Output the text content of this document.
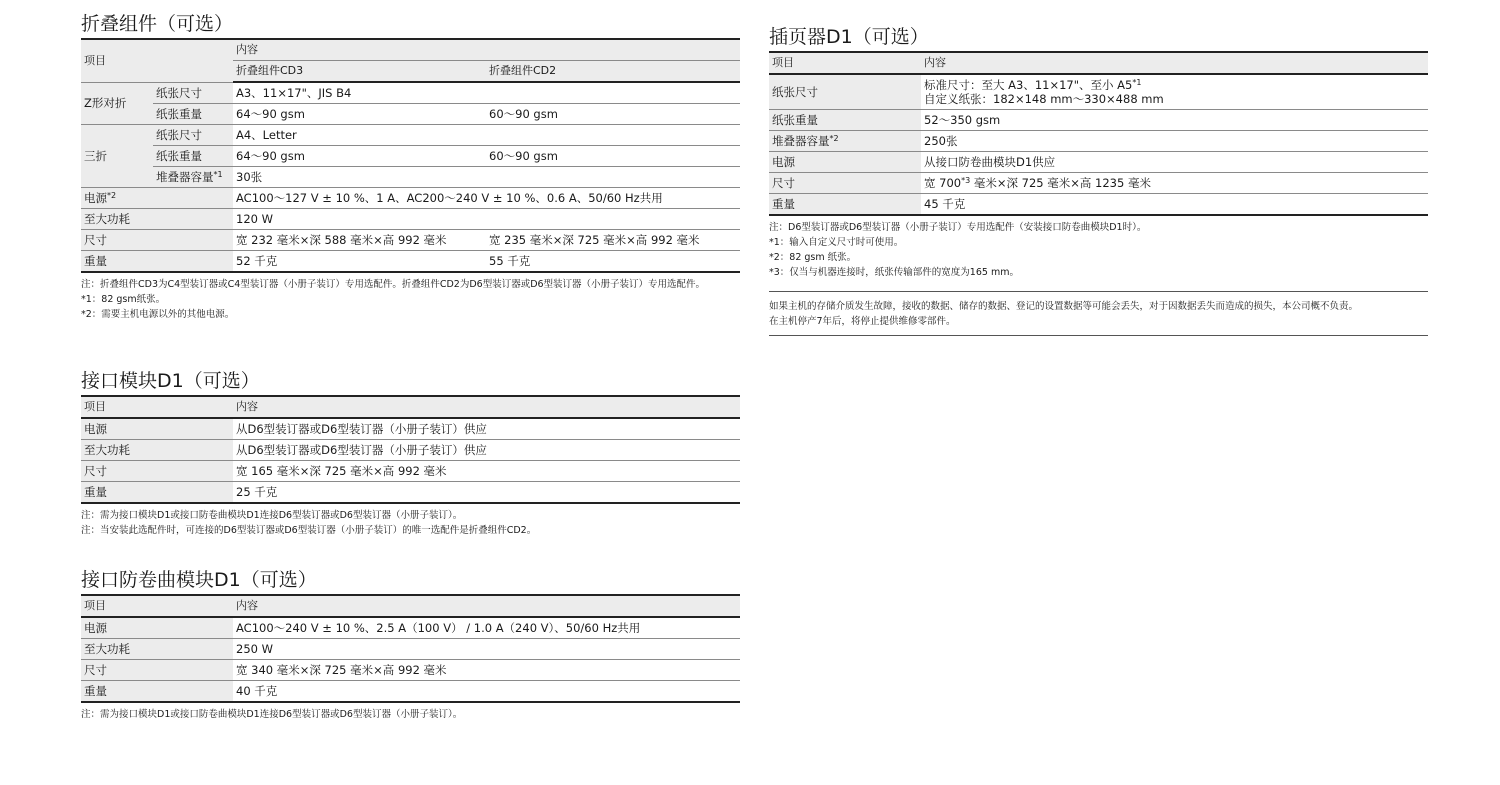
折叠组件（可选）
项目		内容	
		折叠组件CD3	折叠组件CD2
Z形对折	纸张尺寸	A3、11×17"、JIS B4	
	纸张重量	64～90 gsm	60～90 gsm
三折	纸张尺寸	A4、Letter	
	纸张重量	64～90 gsm	60～90 gsm
	堆叠器容量$^{*1}$	30张	
电源$^{*2}$		AC100～127 V ± 10 %、1 A、AC200～240 V ± 10 %、0.6 A、50/60 Hz共用	
至大功耗		120 W	
尺寸		宽 232 毫米×深 588 毫米×高 992 毫米	宽 235 毫米×深 725 毫米×高 992 毫米
重量		52 千克	55 千克
注：折叠组件CD3为C4型装订器或C4型装订器（小册子装订）专用选配件。折叠组件CD2为D6型装订器或D6型装订器（小册子装订）专用选配件。
*1：82 gsm纸张。
*2：需要主机电源以外的其他电源。
接口模块D1（可选）
项目	内容
电源	从D6型装订器或D6型装订器（小册子装订）供应
至大功耗	从D6型装订器或D6型装订器（小册子装订）供应
尺寸	宽 165 毫米×深 725 毫米×高 992 毫米
重量	25 千克
注：需为接口模块D1或接口防卷曲模块D1连接D6型装订器或D6型装订器（小册子装订）。
注：当安装此选配件时，可连接的D6型装订器或D6型装订器（小册子装订）的唯一选配件是折叠组件CD2。
接口防卷曲模块D1（可选）
项目	内容
电源	AC100～240 V ± 10 %、2.5 A（100 V） / 1.0 A（240 V）、50/60 Hz共用
至大功耗	250 W
尺寸	宽 340 毫米×深 725 毫米×高 992 毫米
重量	40 千克
注：需为接口模块D1或接口防卷曲模块D1连接D6型装订器或D6型装订器（小册子装订）。
插页器D1（可选）
项目	内容
纸张尺寸	标准尺寸：至大 A3、11×17"、至小 A5$^{*1}$
自定义纸张：182×148 mm～330×488 mm

纸张重量	52～350 gsm
堆叠器容量$^{*2}$	250张
电源	从接口防卷曲模块D1供应
尺寸	宽 700$^{*3}$ 毫米×深 725 毫米×高 1235 毫米
重量	45 千克
注：D6型装订器或D6型装订器（小册子装订）专用选配件（安装接口防卷曲模块D1时）。
*1：输入自定义尺寸时可使用。
*2：82 gsm 纸张。
*3：仅当与机器连接时，纸张传输部件的宽度为165 mm。
如果主机的存储介质发生故障，接收的数据、储存的数据、登记的设置数据等可能会丢失，对于因数据丢失而造成的损失，本公司概不负责。
在主机停产7年后，将停止提供维修零部件。
